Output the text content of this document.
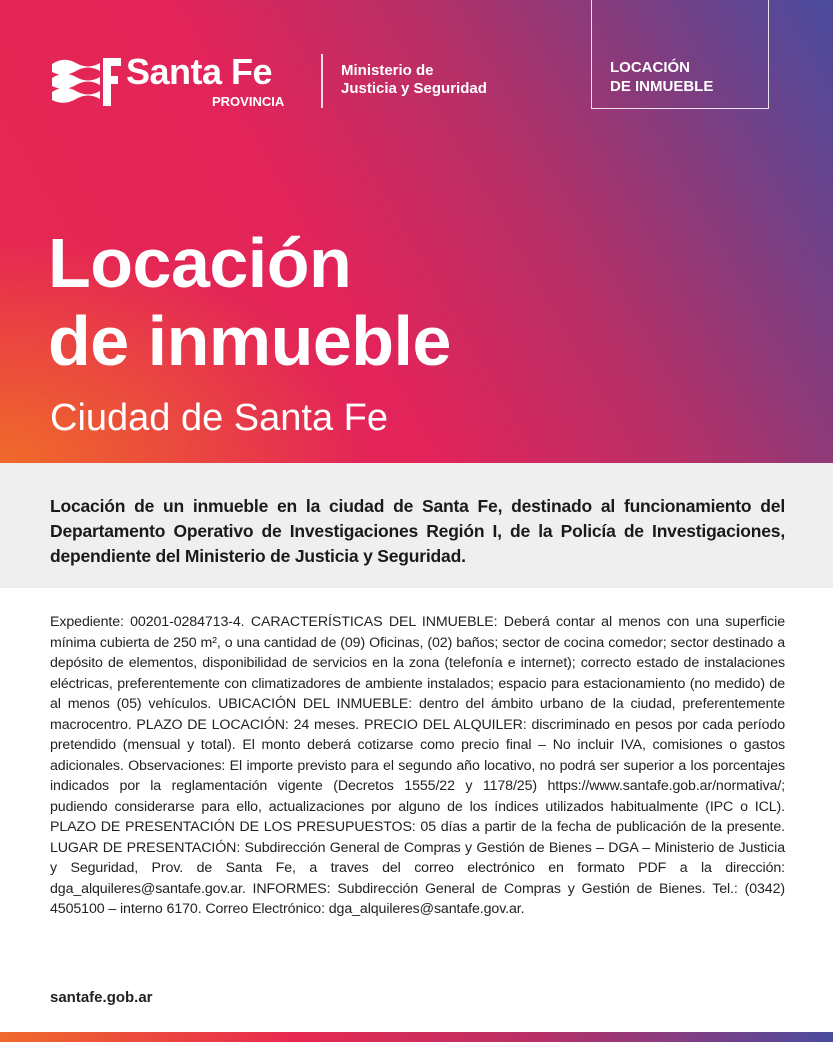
Santa Fe
PROVINCIA
Ministerio de
Justicia y Seguridad
LOCACIÓN
DE INMUEBLE
Locación
de inmueble
Ciudad de Santa Fe

Locación de un inmueble en la ciudad de Santa Fe, destinado al funcionamiento del Departamento Operativo de Investigaciones Región I, de la Policía de Investigaciones, dependiente del Ministerio de Justicia y Seguridad.

Expediente: 00201-0284713-4. CARACTERÍSTICAS DEL INMUEBLE: Deberá contar al menos con una superficie mínima cubierta de 250 m², o una cantidad de (09) Oficinas, (02) baños; sector de cocina comedor; sector destinado a depósito de elementos, disponibilidad de servicios en la zona (telefonía e internet); correcto estado de instalaciones eléctricas, preferentemente con climatizadores de ambiente instalados; espacio para estacionamiento (no medido) de al menos (05) vehículos. UBICACIÓN DEL INMUEBLE: dentro del ámbito urbano de la ciudad, preferentemente macrocentro. PLAZO DE LOCACIÓN: 24 meses. PRECIO DEL ALQUILER: discriminado en pesos por cada período pretendido (mensual y total). El monto deberá cotizarse como precio final – No incluir IVA, comisiones o gastos adicionales. Observaciones: El importe previsto para el segundo año locativo, no podrá ser superior a los porcentajes indicados por la reglamentación vigente (Decretos 1555/22 y 1178/25) https://www.santafe.gob.ar/normativa/; pudiendo considerarse para ello, actualizaciones por alguno de los índices utilizados habitualmente (IPC o ICL). PLAZO DE PRESENTACIÓN DE LOS PRESUPUESTOS: 05 días a partir de la fecha de publicación de la presente. LUGAR DE PRESENTACIÓN: Subdirección General de Compras y Gestión de Bienes – DGA – Ministerio de Justicia y Seguridad, Prov. de Santa Fe, a traves del correo electrónico en formato PDF a la dirección: dga_alquileres@santafe.gov.ar. INFORMES: Subdirección General de Compras y Gestión de Bienes. Tel.: (0342) 4505100 – interno 6170. Correo Electrónico: dga_alquileres@santafe.gov.ar.

santafe.gob.ar
